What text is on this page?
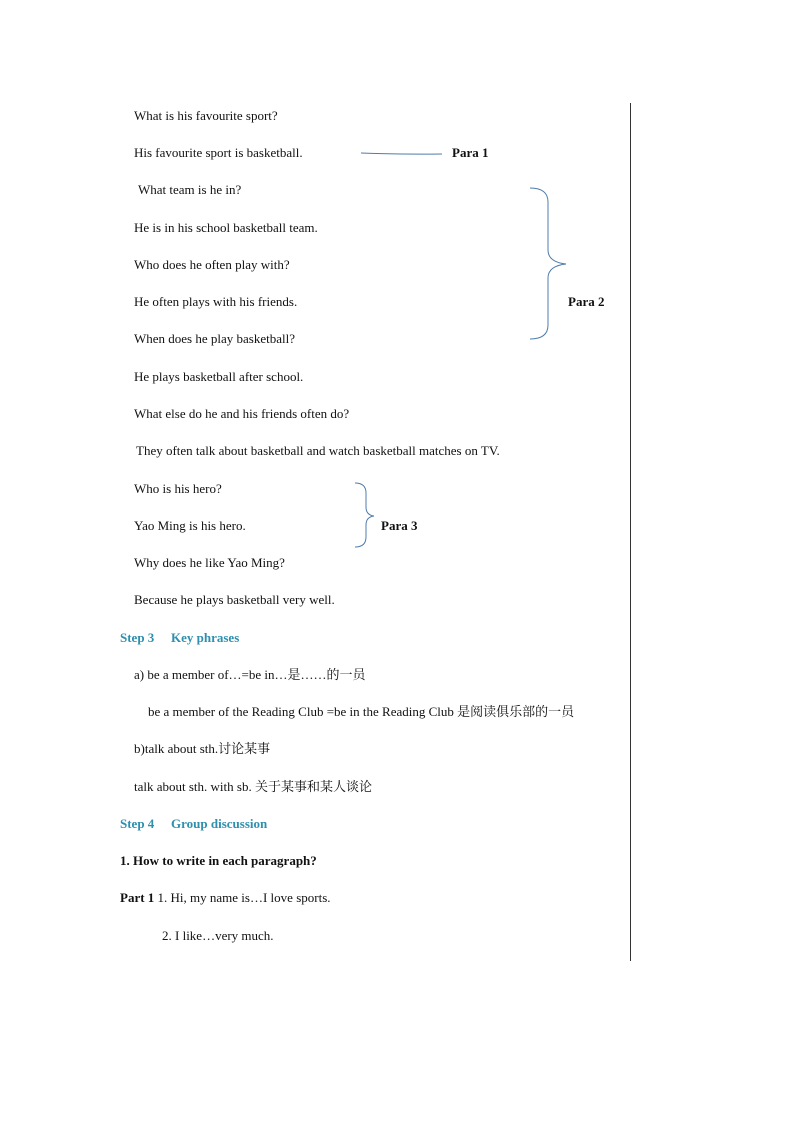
What is his favourite sport?
His favourite sport is basketball.
What team is he in?
He is in his school basketball team.
Who does he often play with?
He often plays with his friends.
When does he play basketball?
He plays basketball after school.
What else do he and his friends often do?
They often talk about basketball and watch basketball matches on TV.
Who is his hero?
Yao Ming is his hero.
Why does he like Yao Ming?
Because he plays basketball very well.
Para 1
Para 2
Para 3
Step 3 Key phrases
a) be a member of…=be in…是……的一员
be a member of the Reading Club =be in the Reading Club 是阅读俱乐部的一员
b)talk about sth.讨论某事
talk about sth. with sb. 关于某事和某人谈论
Step 4 Group discussion
1. How to write in each paragraph?
Part 1 1. Hi, my name is…I love sports.
2. I like…very much.
